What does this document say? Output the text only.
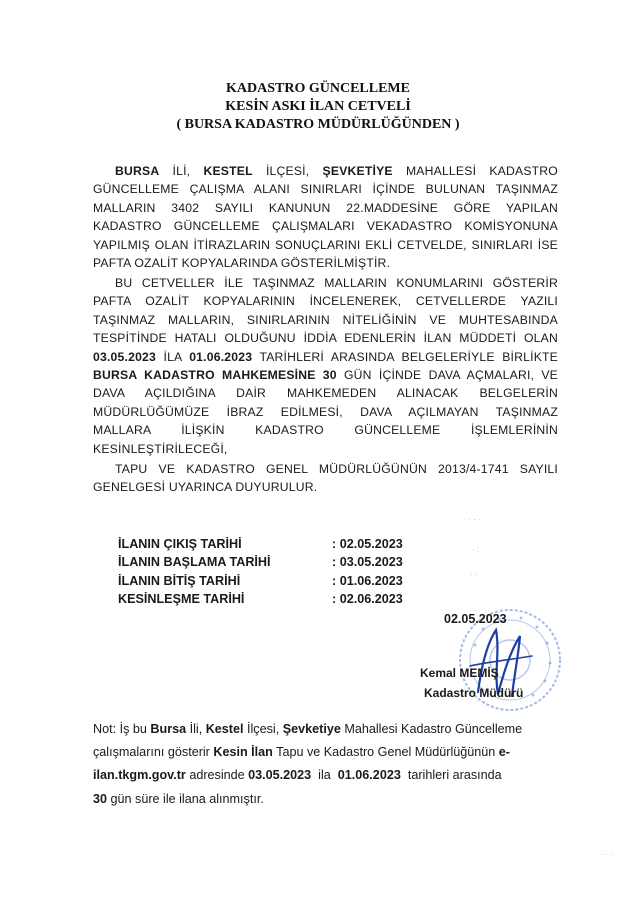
KADASTRO GÜNCELLEME
KESİN ASKI İLAN CETVELİ
( BURSA KADASTRO MÜDÜRLÜĞÜNDEN )
BURSA İLİ, KESTEL İLÇESİ, ŞEVKETİYE MAHALLESİ KADASTRO
GÜNCELLEME ÇALIŞMA ALANI SINIRLARI İÇİNDE BULUNAN TAŞINMAZ
MALLARIN 3402 SAYILI KANUNUN 22.MADDESİNE GÖRE YAPILAN
KADASTRO GÜNCELLEME ÇALIŞMALARI VEKADASTRO KOMİSYONUNA
YAPILMIŞ OLAN İTİRAZLARIN SONUÇLARINI EKLİ CETVELDE, SINIRLARI İSE
PAFTA OZALİT KOPYALARINDA GÖSTERİLMİŞTİR.
BU CETVELLER İLE TAŞINMAZ MALLARIN KONUMLARINI GÖSTERİR
PAFTA OZALİT KOPYALARININ İNCELENEREK, CETVELLERDE YAZILI
TAŞINMAZ MALLARIN, SINIRLARININ NİTELİĞİNİN VE MUHTESABINDA
TESPİTİNDE HATALI OLDUĞUNU İDDİA EDENLERİN İLAN MÜDDETİ OLAN
03.05.2023 İLA 01.06.2023 TARİHLERİ ARASINDA BELGELERİYLE BİRLİKTE
BURSA KADASTRO MAHKEMESİNE 30 GÜN İÇİNDE DAVA AÇMALARI, VE
DAVA AÇILDIĞINA DAİR MAHKEMEDEN ALINACAK BELGELERİN
MÜDÜRLÜĞÜMÜZE İBRAZ EDİLMESİ, DAVA AÇILMAYAN TAŞINMAZ
MALLARA İLİŞKİN KADASTRO GÜNCELLEME İŞLEMLERİNİN
KESİNLEŞTİRİLECEĞİ,
TAPU VE KADASTRO GENEL MÜDÜRLÜĞÜNÜN 2013/4-1741 SAYILI
GENELGESİ UYARINCA DUYURULUR.
İLANIN ÇIKIŞ TARİHİ	: 02.05.2023
İLANIN BAŞLAMA TARİHİ	: 03.05.2023
İLANIN BİTİŞ TARİHİ	: 01.06.2023
KESİNLEŞME TARİHİ	: 02.06.2023
· · ·
· :
· ·
· · ·
02.05.2023
Kemal MEMİŞ
Kadastro Müdürü
Not: İş bu Bursa İli, Kestel İlçesi, Şevketiye Mahallesi Kadastro Güncelleme
çalışmalarını gösterir Kesin İlan Tapu ve Kadastro Genel Müdürlüğünün e-
ilan.tkgm.gov.tr adresinde 03.05.2023  ila  01.06.2023  tarihleri arasında
30 gün süre ile ilana alınmıştır.
